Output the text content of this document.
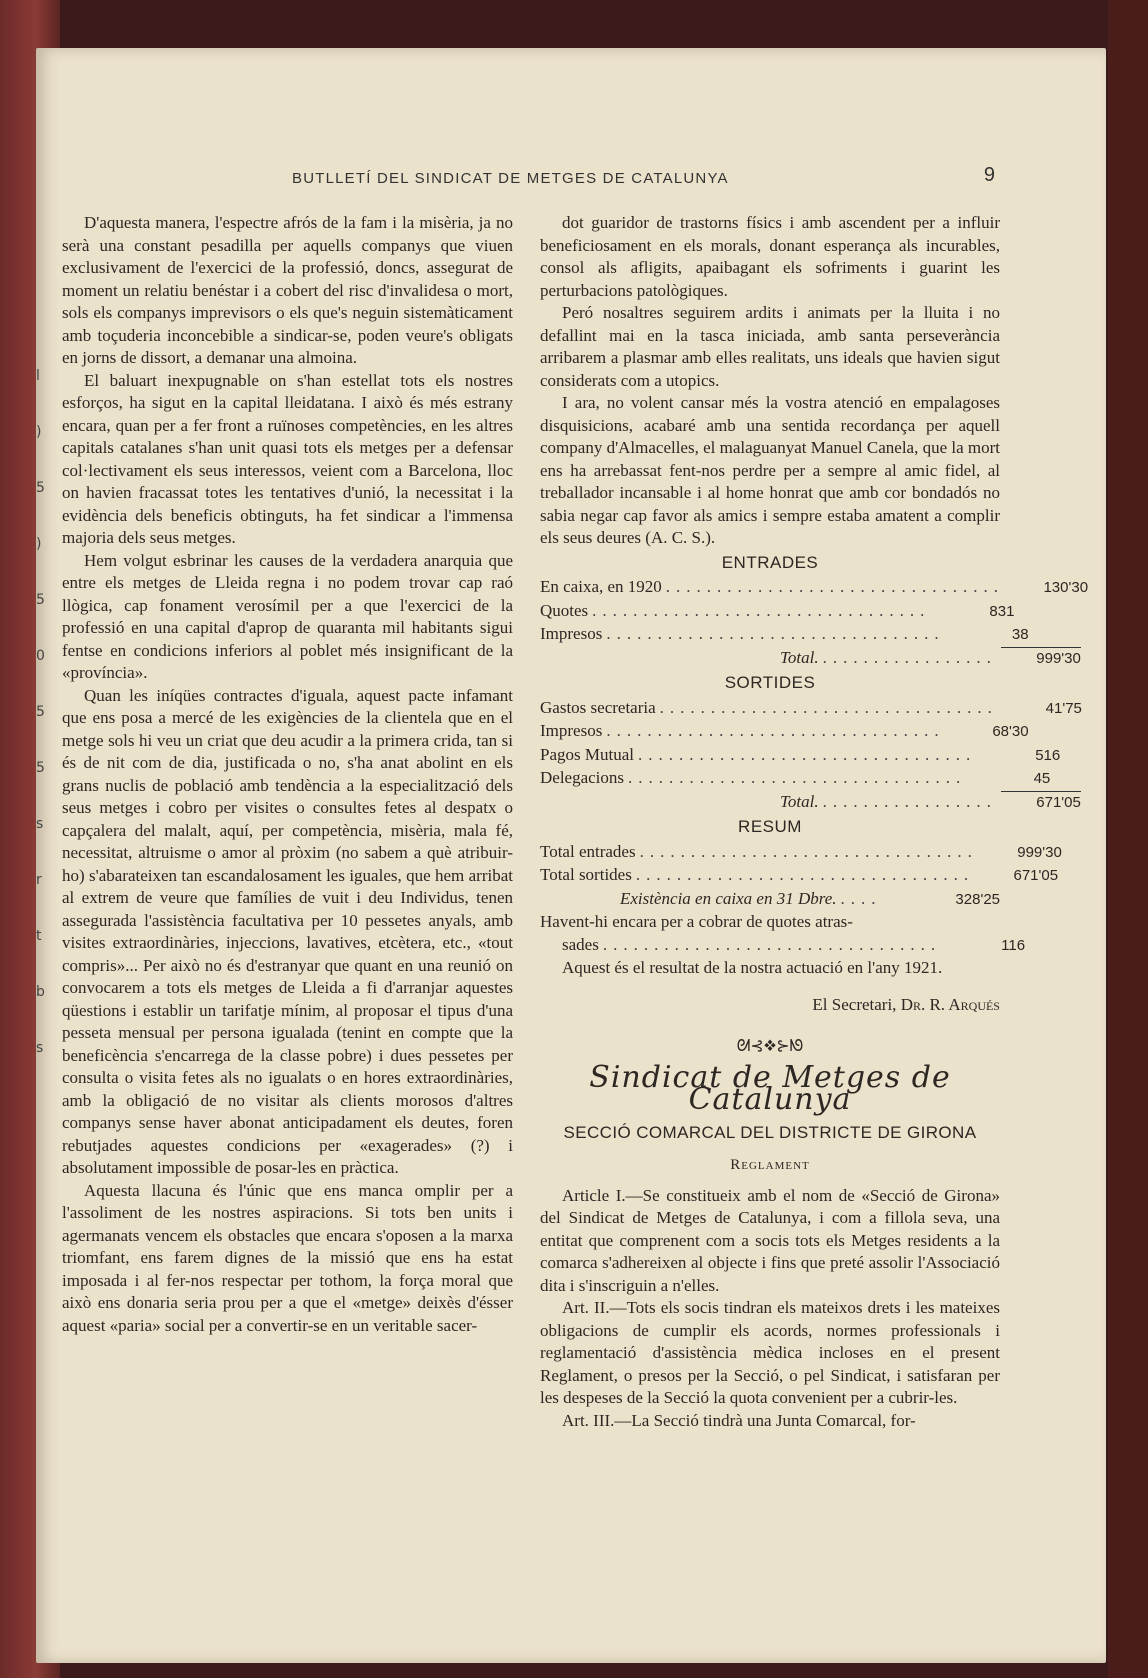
l
)
5
)
5
0
5
5
s
r
t
b
s
BUTLLETÍ DEL SINDICAT DE METGES DE CATALUNYA	9

D'aquesta manera, l'espectre afrós de la fam i la misèria, ja no serà una constant pesadilla per aquells companys que viuen exclusivament de l'exercici de la professió, doncs, assegurat de moment un relatiu benéstar i a cobert del risc d'invalidesa o mort, sols els companys imprevisors o els que's neguin sistemàticament amb toçuderia inconcebible a sindicar-se, poden veure's obligats en jorns de dissort, a demanar una almoina.

El baluart inexpugnable on s'han estellat tots els nostres esforços, ha sigut en la capital lleidatana. I això és més estrany encara, quan per a fer front a ruïnoses competències, en les altres capitals catalanes s'han unit quasi tots els metges per a defensar col·lectivament els seus interessos, veient com a Barcelona, lloc on havien fracassat totes les tentatives d'unió, la necessitat i la evidència dels beneficis obtinguts, ha fet sindicar a l'immensa majoria dels seus metges.

Hem volgut esbrinar les causes de la verdadera anarquia que entre els metges de Lleida regna i no podem trovar cap raó llògica, cap fonament verosímil per a que l'exercici de la professió en una capital d'aprop de quaranta mil habitants sigui fentse en condicions inferiors al poblet més insignificant de la «província».

Quan les iníqües contractes d'iguala, aquest pacte infamant que ens posa a mercé de les exigències de la clientela que en el metge sols hi veu un criat que deu acudir a la primera crida, tan si és de nit com de dia, justificada o no, s'ha anat abolint en els grans nuclis de població amb tendència a la especialització dels seus metges i cobro per visites o consultes fetes al despatx o capçalera del malalt, aquí, per competència, misèria, mala fé, necessitat, altruisme o amor al pròxim (no sabem a què atribuir-ho) s'abarateixen tan escandalosament les iguales, que hem arribat al extrem de veure que famílies de vuit i deu Individus, tenen assegurada l'assistència facultativa per 10 pessetes anyals, amb visites extraordinàries, injeccions, lavatives, etcètera, etc., «tout compris»... Per això no és d'estranyar que quant en una reunió on convocarem a tots els metges de Lleida a fi d'arranjar aquestes qüestions i establir un tarifatje mínim, al proposar el tipus d'una pesseta mensual per persona igualada (tenint en compte que la beneficència s'encarrega de la classe pobre) i dues pessetes per consulta o visita fetes als no igualats o en hores extraordinàries, amb la obligació de no visitar als clients morosos d'altres companys sense haver abonat anticipadament els deutes, foren rebutjades aquestes condicions per «exagerades» (?) i absolutament impossible de posar-les en pràctica.

Aquesta llacuna és l'únic que ens manca omplir per a l'assoliment de les nostres aspiracions. Si tots ben units i agermanats vencem els obstacles que encara s'oposen a la marxa triomfant, ens farem dignes de la missió que ens ha estat imposada i al fer-nos respectar per tothom, la força moral que això ens donaria seria prou per a que el «metge» deixès d'ésser aquest «paria» social per a convertir-se en un veritable sacer-

dot guaridor de trastorns físics i amb ascendent per a influir beneficiosament en els morals, donant esperança als incurables, consol als afligits, apaibagant els sofriments i guarint les perturbacions patològiques.

Peró nosaltres seguirem ardits i animats per la lluita i no defallint mai en la tasca iniciada, amb santa perseverància arribarem a plasmar amb elles realitats, uns ideals que havien sigut considerats com a utopics.

I ara, no volent cansar més la vostra atenció en empalagoses disquisicions, acabaré amb una sentida recordança per aquell company d'Almacelles, el malaguanyat Manuel Canela, que la mort ens ha arrebassat fent-nos perdre per a sempre al amic fidel, al treballador incansable i al home honrat que amb cor bondadós no sabia negar cap favor als amics i sempre estaba amatent a complir els seus deures (A. C. S.).

ENTRADES
En caixa, en 1920 .................................	130'30
Quotes .................................	831
Impresos .................................	38
Total. .................	999'30
SORTIDES
Gastos secretaria .................................	41'75
Impresos .................................	68'30
Pagos Mutual .................................	516
Delegacions .................................	45
Total. .................	671'05
RESUM
Total entrades .................................	999'30
Total sortides .................................	671'05
Existència en caixa en 31 Dbre. ....	328'25
Havent-hi encara per a cobrar de quotes atras-
sades .................................	116

Aquest és el resultat de la nostra actuació en l'any 1921.

El Secretari, Dr. R. Arqués
ᘛ⊰❖⊱ᘚ
Sindicat de Metges de Catalunya
SECCIÓ COMARCAL DEL DISTRICTE DE GIRONA
Reglament

Article I.—Se constitueix amb el nom de «Secció de Girona» del Sindicat de Metges de Catalunya, i com a fillola seva, una entitat que comprenent com a socis tots els Metges residents a la comarca s'adhereixen al objecte i fins que preté assolir l'Associació dita i s'inscriguin a n'elles.

Art. II.—Tots els socis tindran els mateixos drets i les mateixes obligacions de cumplir els acords, normes professionals i reglamentació d'assistència mèdica incloses en el present Reglament, o presos per la Secció, o pel Sindicat, i satisfaran per les despeses de la Secció la quota convenient per a cubrir-les.

Art. III.—La Secció tindrà una Junta Comarcal, for-
